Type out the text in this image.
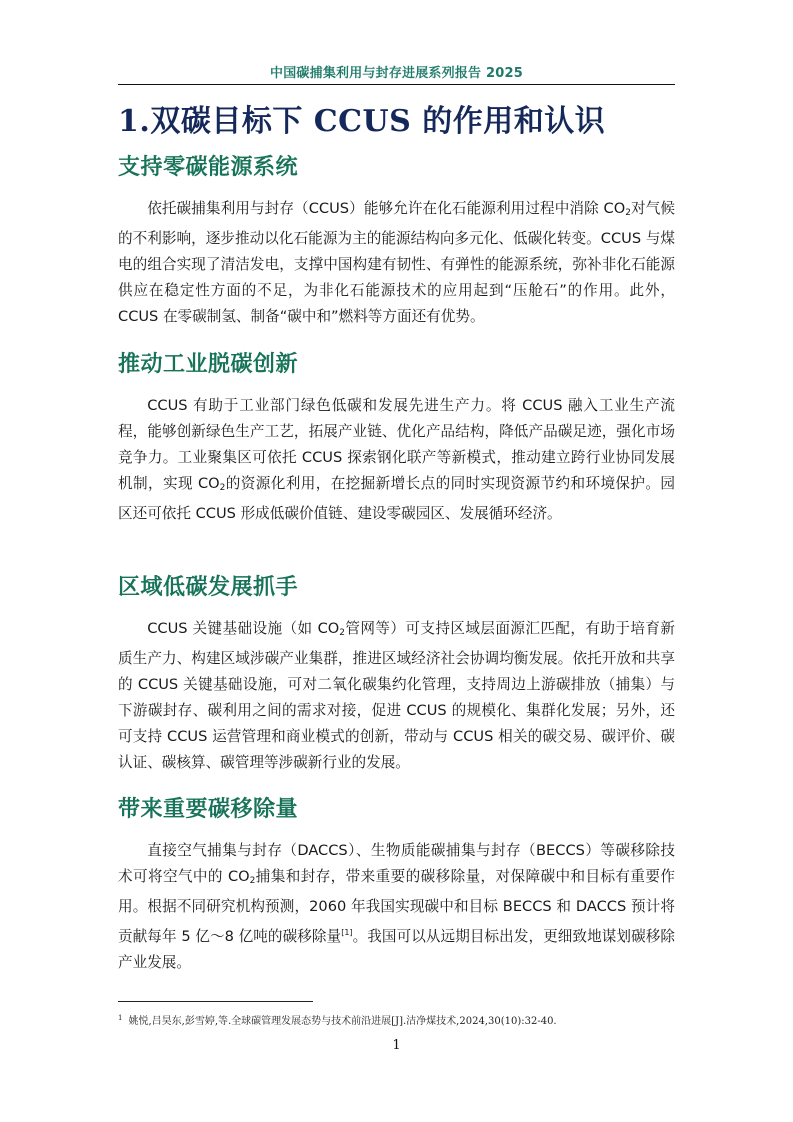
中国碳捕集利用与封存进展系列报告 2025
1.双碳目标下 CCUS 的作用和认识
支持零碳能源系统

依托碳捕集利用与封存（CCUS）能够允许在化石能源利用过程中消除 $CO_2$对气候的不利影响，逐步推动以化石能源为主的能源结构向多元化、低碳化转变。CCUS 与煤电的组合实现了清洁发电，支撑中国构建有韧性、有弹性的能源系统，弥补非化石能源供应在稳定性方面的不足，为非化石能源技术的应用起到“压舱石”的作用。此外，CCUS 在零碳制氢、制备“碳中和”燃料等方面还有优势。

推动工业脱碳创新

CCUS 有助于工业部门绿色低碳和发展先进生产力。将 CCUS 融入工业生产流程，能够创新绿色生产工艺，拓展产业链、优化产品结构，降低产品碳足迹，强化市场竞争力。工业聚集区可依托 CCUS 探索钢化联产等新模式，推动建立跨行业协同发展机制，实现 $CO_2$的资源化利用，在挖掘新增长点的同时实现资源节约和环境保护。园区还可依托 CCUS 形成低碳价值链、建设零碳园区、发展循环经济。

区域低碳发展抓手

CCUS 关键基础设施（如 $CO_2$管网等）可支持区域层面源汇匹配，有助于培育新质生产力、构建区域涉碳产业集群，推进区域经济社会协调均衡发展。依托开放和共享的 CCUS 关键基础设施，可对二氧化碳集约化管理，支持周边上游碳排放（捕集）与下游碳封存、碳利用之间的需求对接，促进 CCUS 的规模化、集群化发展；另外，还可支持 CCUS 运营管理和商业模式的创新，带动与 CCUS 相关的碳交易、碳评价、碳认证、碳核算、碳管理等涉碳新行业的发展。

带来重要碳移除量

直接空气捕集与封存（DACCS）、生物质能碳捕集与封存（BECCS）等碳移除技术可将空气中的 $CO_2$捕集和封存，带来重要的碳移除量，对保障碳中和目标有重要作用。根据不同研究机构预测，2060 年我国实现碳中和目标 BECCS 和 DACCS 预计将贡献每年 5 亿～8 亿吨的碳移除量[1]。我国可以从远期目标出发，更细致地谋划碳移除产业发展。

$^1$ 姚悦,吕昊东,彭雪婷,等.全球碳管理发展态势与技术前沿进展[J].洁净煤技术,2024,30(10):32-40.
1
